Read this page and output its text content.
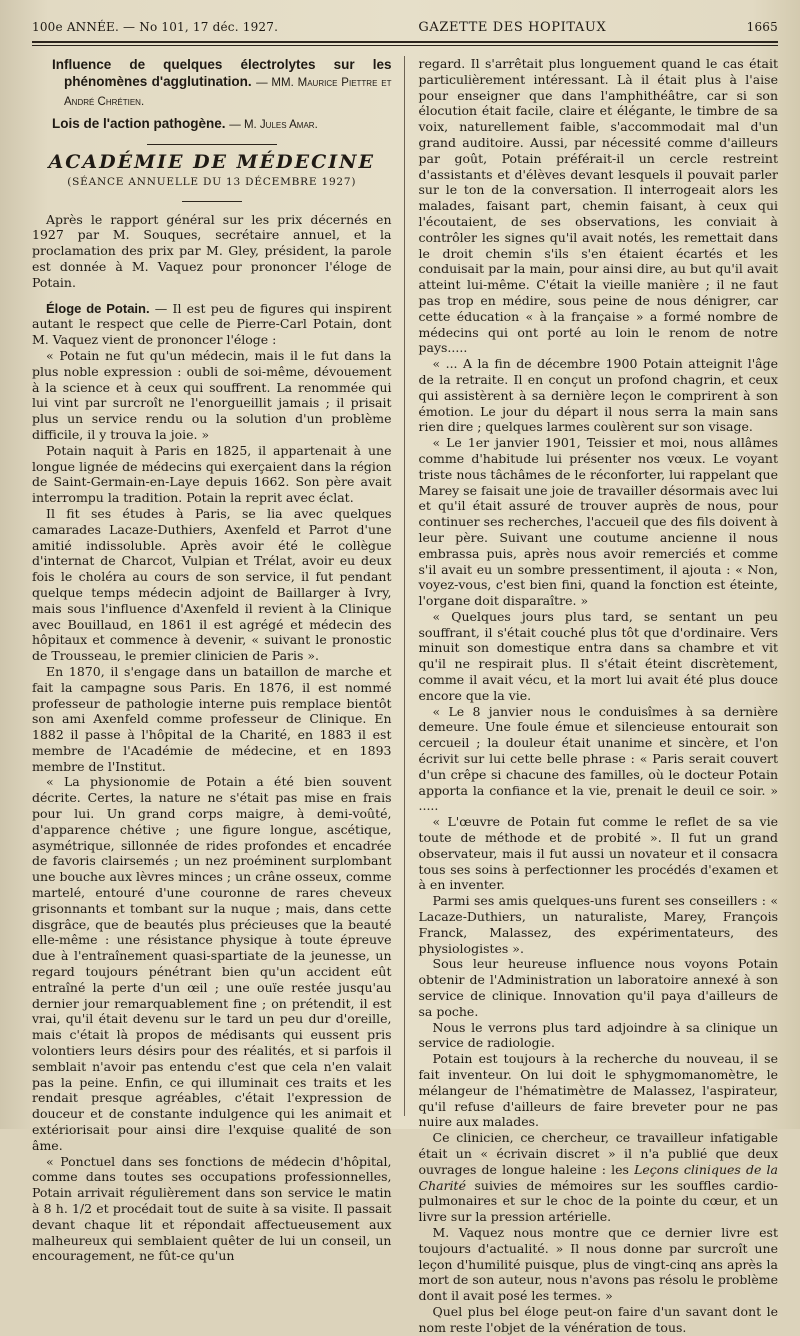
100e ANNÉE. — No 101, 17 déc. 1927.	GAZETTE DES HOPITAUX	1665
Influence de quelques électrolytes sur les phénomènes d'agglutination. — MM. Maurice Piettre et André Chrétien.
Lois de l'action pathogène. — M. Jules Amar.
ACADÉMIE DE MÉDECINE
(SÉANCE ANNUELLE DU 13 DÉCEMBRE 1927)

Après le rapport général sur les prix décernés en 1927 par M. Souques, secrétaire annuel, et la proclamation des prix par M. Gley, président, la parole est donnée à M. Vaquez pour prononcer l'éloge de Potain.

Éloge de Potain. — Il est peu de figures qui inspirent autant le respect que celle de Pierre-Carl Potain, dont M. Vaquez vient de prononcer l'éloge :

« Potain ne fut qu'un médecin, mais il le fut dans la plus noble expression : oubli de soi-même, dévouement à la science et à ceux qui souffrent. La renommée qui lui vint par surcroît ne l'enorgueillit jamais ; il prisait plus un service rendu ou la solution d'un problème difficile, il y trouva la joie. »

Potain naquit à Paris en 1825, il appartenait à une longue lignée de médecins qui exerçaient dans la région de Saint-Germain-en-Laye depuis 1662. Son père avait interrompu la tradition. Potain la reprit avec éclat.

Il fit ses études à Paris, se lia avec quelques camarades Lacaze-Duthiers, Axenfeld et Parrot d'une amitié indissoluble. Après avoir été le collègue d'internat de Charcot, Vulpian et Trélat, avoir eu deux fois le choléra au cours de son service, il fut pendant quelque temps médecin adjoint de Baillarger à Ivry, mais sous l'influence d'Axenfeld il revient à la Clinique avec Bouillaud, en 1861 il est agrégé et médecin des hôpitaux et commence à devenir, « suivant le pronostic de Trousseau, le premier clinicien de Paris ».

En 1870, il s'engage dans un bataillon de marche et fait la campagne sous Paris. En 1876, il est nommé professeur de pathologie interne puis remplace bientôt son ami Axenfeld comme professeur de Clinique. En 1882 il passe à l'hôpital de la Charité, en 1883 il est membre de l'Académie de médecine, et en 1893 membre de l'Institut.

« La physionomie de Potain a été bien souvent décrite. Certes, la nature ne s'était pas mise en frais pour lui. Un grand corps maigre, à demi-voûté, d'apparence chétive ; une figure longue, ascétique, asymétrique, sillonnée de rides profondes et encadrée de favoris clairsemés ; un nez proéminent surplombant une bouche aux lèvres minces ; un crâne osseux, comme martelé, entouré d'une couronne de rares cheveux grisonnants et tombant sur la nuque ; mais, dans cette disgrâce, que de beautés plus précieuses que la beauté elle-même : une résistance physique à toute épreuve due à l'entraînement quasi-spartiate de la jeunesse, un regard toujours pénétrant bien qu'un accident eût entraîné la perte d'un œil ; une ouïe restée jusqu'au dernier jour remarquablement fine ; on prétendit, il est vrai, qu'il était devenu sur le tard un peu dur d'oreille, mais c'était là propos de médisants qui eussent pris volontiers leurs désirs pour des réalités, et si parfois il semblait n'avoir pas entendu c'est que cela n'en valait pas la peine. Enfin, ce qui illuminait ces traits et les rendait presque agréables, c'était l'expression de douceur et de constante indulgence qui les animait et extériorisait pour ainsi dire l'exquise qualité de son âme.

« Ponctuel dans ses fonctions de médecin d'hôpital, comme dans toutes ses occupations professionnelles, Potain arrivait régulièrement dans son service le matin à 8 h. 1/2 et procédait tout de suite à sa visite. Il passait devant chaque lit et répondait affectueusement aux malheureux qui semblaient quêter de lui un conseil, un encouragement, ne fût-ce qu'un

regard. Il s'arrêtait plus longuement quand le cas était particulièrement intéressant. Là il était plus à l'aise pour enseigner que dans l'amphithéâtre, car si son élocution était facile, claire et élégante, le timbre de sa voix, naturellement faible, s'accommodait mal d'un grand auditoire. Aussi, par nécessité comme d'ailleurs par goût, Potain préférait-il un cercle restreint d'assistants et d'élèves devant lesquels il pouvait parler sur le ton de la conversation. Il interrogeait alors les malades, faisant part, chemin faisant, à ceux qui l'écoutaient, de ses observations, les conviait à contrôler les signes qu'il avait notés, les remettait dans le droit chemin s'ils s'en étaient écartés et les conduisait par la main, pour ainsi dire, au but qu'il avait atteint lui-même. C'était la vieille manière ; il ne faut pas trop en médire, sous peine de nous dénigrer, car cette éducation « à la française » a formé nombre de médecins qui ont porté au loin le renom de notre pays.....

« ... A la fin de décembre 1900 Potain atteignit l'âge de la retraite. Il en conçut un profond chagrin, et ceux qui assistèrent à sa dernière leçon le comprirent à son émotion. Le jour du départ il nous serra la main sans rien dire ; quelques larmes coulèrent sur son visage.

« Le 1er janvier 1901, Teissier et moi, nous allâmes comme d'habitude lui présenter nos vœux. Le voyant triste nous tâchâmes de le réconforter, lui rappelant que Marey se faisait une joie de travailler désormais avec lui et qu'il était assuré de trouver auprès de nous, pour continuer ses recherches, l'accueil que des fils doivent à leur père. Suivant une coutume ancienne il nous embrassa puis, après nous avoir remerciés et comme s'il avait eu un sombre pressentiment, il ajouta : « Non, voyez-vous, c'est bien fini, quand la fonction est éteinte, l'organe doit disparaître. »

« Quelques jours plus tard, se sentant un peu souffrant, il s'était couché plus tôt que d'ordinaire. Vers minuit son domestique entra dans sa chambre et vit qu'il ne respirait plus. Il s'était éteint discrètement, comme il avait vécu, et la mort lui avait été plus douce encore que la vie.

« Le 8 janvier nous le conduisîmes à sa dernière demeure. Une foule émue et silencieuse entourait son cercueil ; la douleur était unanime et sincère, et l'on écrivit sur lui cette belle phrase : « Paris serait couvert d'un crêpe si chacune des familles, où le docteur Potain apporta la confiance et la vie, prenait le deuil ce soir. » .....

« L'œuvre de Potain fut comme le reflet de sa vie toute de méthode et de probité ». Il fut un grand observateur, mais il fut aussi un novateur et il consacra tous ses soins à perfectionner les procédés d'examen et à en inventer.

Parmi ses amis quelques-uns furent ses conseillers : « Lacaze-Duthiers, un naturaliste, Marey, François Franck, Malassez, des expérimentateurs, des physiologistes ».

Sous leur heureuse influence nous voyons Potain obtenir de l'Administration un laboratoire annexé à son service de clinique. Innovation qu'il paya d'ailleurs de sa poche.

Nous le verrons plus tard adjoindre à sa clinique un service de radiologie.

Potain est toujours à la recherche du nouveau, il se fait inventeur. On lui doit le sphygmomanomètre, le mélangeur de l'hématimètre de Malassez, l'aspirateur, qu'il refuse d'ailleurs de faire breveter pour ne pas nuire aux malades.

Ce clinicien, ce chercheur, ce travailleur infatigable était un « écrivain discret » il n'a publié que deux ouvrages de longue haleine : les Leçons cliniques de la Charité suivies de mémoires sur les souffles cardio-pulmonaires et sur le choc de la pointe du cœur, et un livre sur la pression artérielle.

M. Vaquez nous montre que ce dernier livre est toujours d'actualité. » Il nous donne par surcroît une leçon d'humilité puisque, plus de vingt-cinq ans après la mort de son auteur, nous n'avons pas résolu le problème dont il avait posé les termes. »

Quel plus bel éloge peut-on faire d'un savant dont le nom reste l'objet de la vénération de tous.
